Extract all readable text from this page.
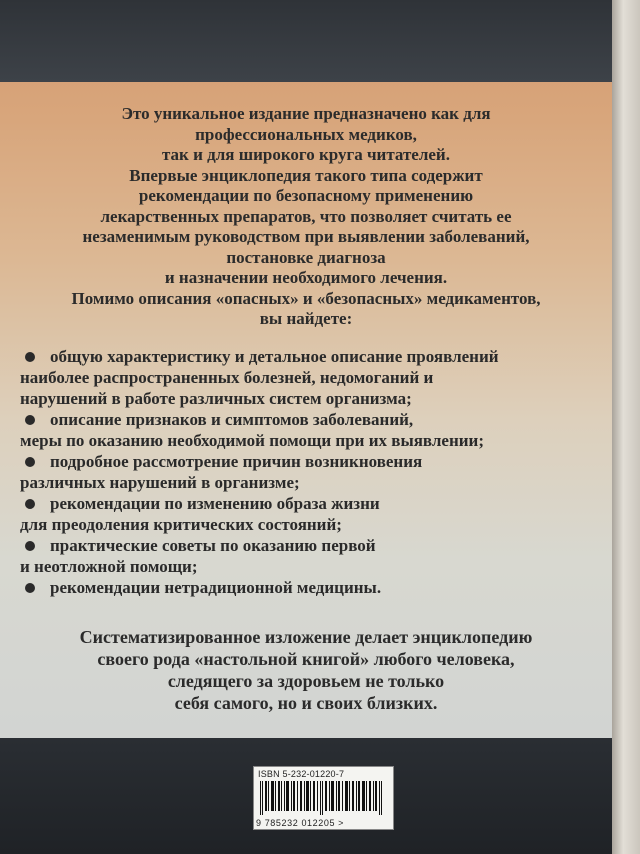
Это уникальное издание предназначено как для
профессиональных медиков,
так и для широкого круга читателей.
Впервые энциклопедия такого типа содержит
рекомендации по безопасному применению
лекарственных препаратов, что позволяет считать ее
незаменимым руководством при выявлении заболеваний,
постановке диагноза
и назначении необходимого лечения.
Помимо описания «опасных» и «безопасных» медикаментов,
вы найдете:
общую характеристику и детальное описание проявлений
наиболее распространенных болезней, недомоганий и
нарушений в работе различных систем организма;
описание признаков и симптомов заболеваний,
меры по оказанию необходимой помощи при их выявлении;
подробное рассмотрение причин возникновения
различных нарушений в организме;
рекомендации по изменению образа жизни
для преодоления критических состояний;
практические советы по оказанию первой
и неотложной помощи;
рекомендации нетрадиционной медицины.
Систематизированное изложение делает энциклопедию
своего рода «настольной книгой» любого человека,
следящего за здоровьем не только
себя самого, но и своих близких.
ISBN 5-232-01220-7
9 785232 012205 >
